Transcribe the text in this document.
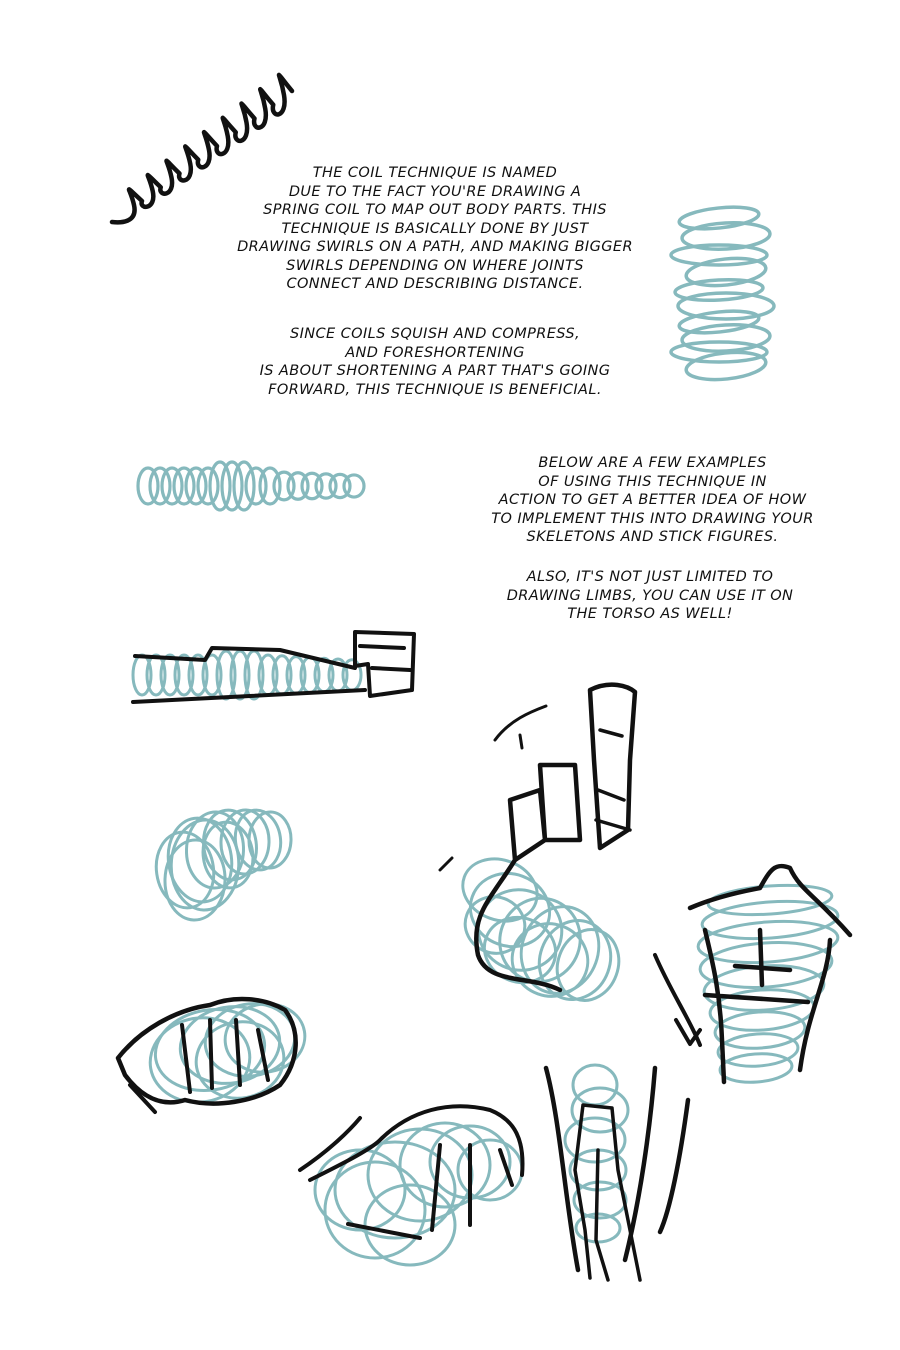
THE COIL TECHNIQUE IS NAMED
DUE TO THE FACT YOU'RE DRAWING A
SPRING COIL TO MAP OUT BODY PARTS. THIS
TECHNIQUE IS BASICALLY DONE BY JUST
DRAWING SWIRLS ON A PATH, AND MAKING BIGGER
SWIRLS DEPENDING ON WHERE JOINTS
CONNECT AND DESCRIBING DISTANCE.

SINCE COILS SQUISH AND COMPRESS,
AND FORESHORTENING
IS ABOUT SHORTENING A PART THAT'S GOING
FORWARD, THIS TECHNIQUE IS BENEFICIAL.

BELOW ARE A FEW EXAMPLES
OF USING THIS TECHNIQUE IN
ACTION TO GET A BETTER IDEA OF HOW
TO IMPLEMENT THIS INTO DRAWING YOUR
SKELETONS AND STICK FIGURES.

ALSO, IT'S NOT JUST LIMITED TO
DRAWING LIMBS, YOU CAN USE IT ON
THE TORSO AS WELL!
